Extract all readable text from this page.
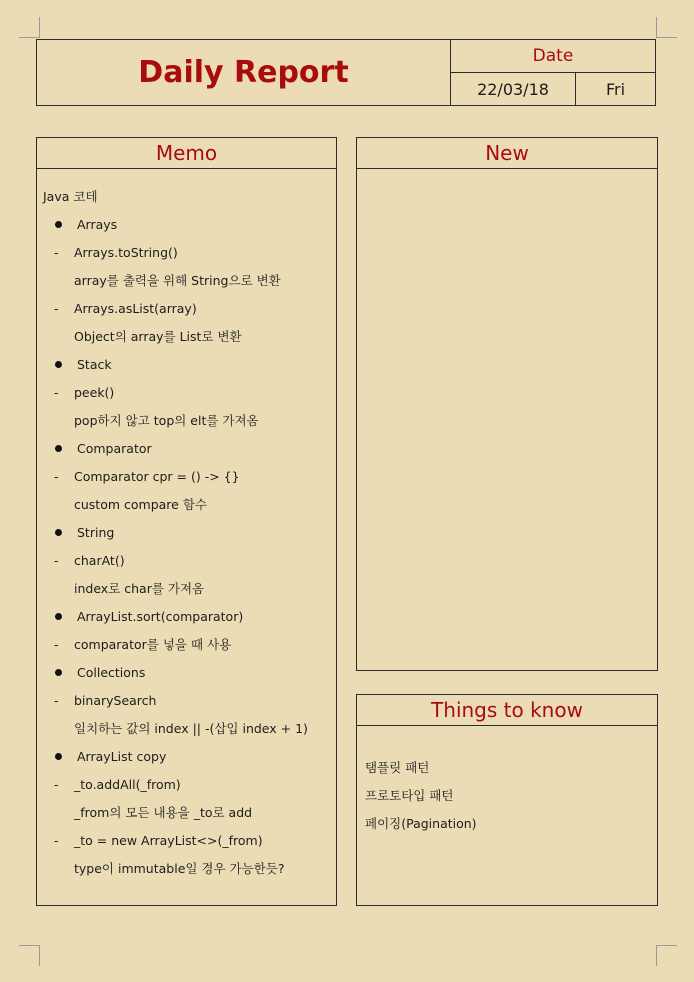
Daily Report	Date
22/03/18	Fri
Memo
Java 코테
Arrays
- Arrays.toString()
array를 출력을 위해 String으로 변환
- Arrays.asList(array)
Object의 array를 List로 변환
Stack
- peek()
pop하지 않고 top의 elt를 가져옴
Comparator
- Comparator cpr = () -> {}
custom compare 함수
String
- charAt()
index로 char를 가져옴
ArrayList.sort(comparator)
- comparator를 넣을 때 사용
Collections
- binarySearch
일치하는 값의 index || -(삽입 index + 1)
ArrayList copy
- _to.addAll(_from)
_from의 모든 내용을 _to로 add
- _to = new ArrayList<>(_from)
type이 immutable일 경우 가능한듯?
New
Things to know
탬플릿 패턴
프로토타입 패턴
페이징(Pagination)
